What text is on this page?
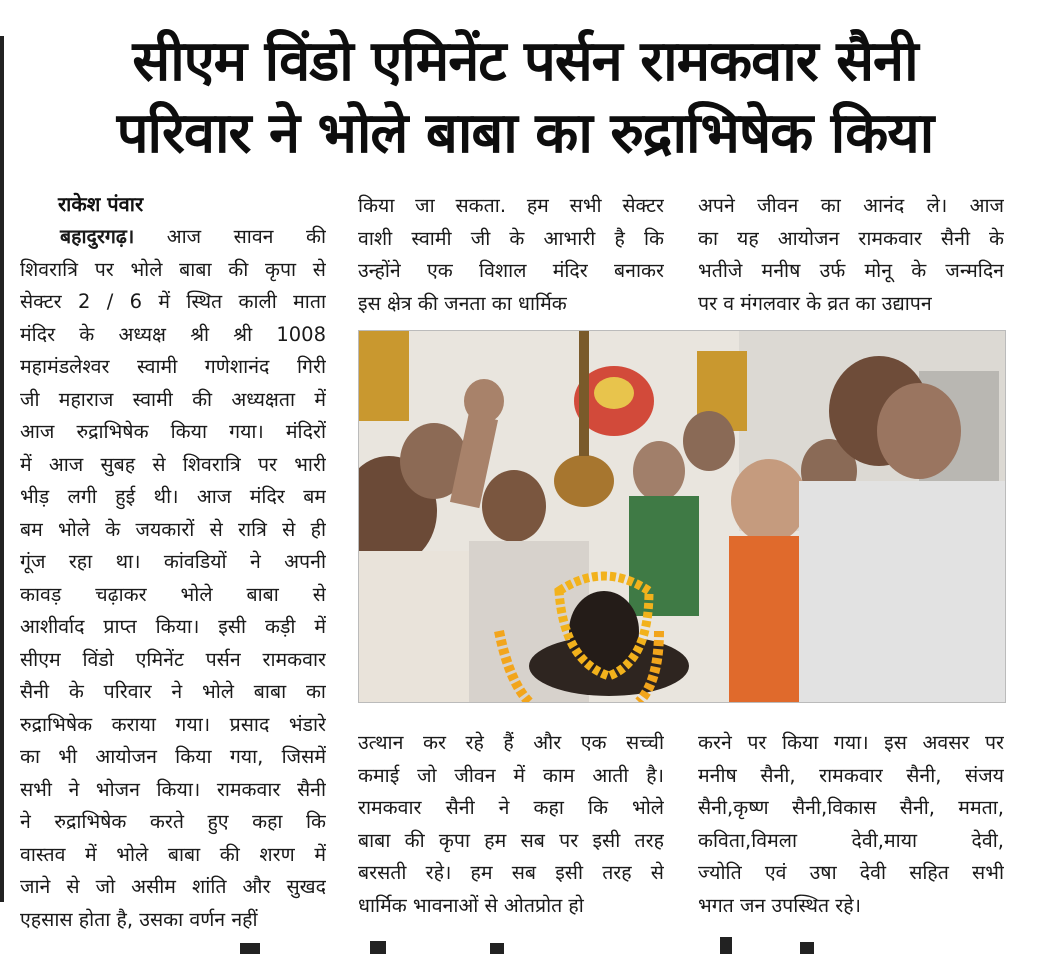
सीएम विंडो एमिनेंट पर्सन रामकवार सैनी
परिवार ने भोले बाबा का रुद्राभिषेक किया
राकेश पंवार
बहादुरगढ़। आज सावन की
शिवरात्रि पर भोले बाबा की कृपा से
सेक्टर 2 / 6 में स्थित काली माता
मंदिर के अध्यक्ष श्री श्री 1008
महामंडलेश्वर स्वामी गणेशानंद गिरी
जी महाराज स्वामी की अध्यक्षता में
आज रुद्राभिषेक किया गया। मंदिरों
में आज सुबह से शिवरात्रि पर भारी
भीड़ लगी हुई थी। आज मंदिर बम
बम भोले के जयकारों से रात्रि से ही
गूंज रहा था। कांवडियों ने अपनी
कावड़ चढ़ाकर भोले बाबा से
आशीर्वाद प्राप्त किया। इसी कड़ी में
सीएम विंडो एमिनेंट पर्सन रामकवार
सैनी के परिवार ने भोले बाबा का
रुद्राभिषेक कराया गया। प्रसाद भंडारे
का भी आयोजन किया गया, जिसमें
सभी ने भोजन किया। रामकवार सैनी
ने रुद्राभिषेक करते हुए कहा कि
वास्तव में भोले बाबा की शरण में
जाने से जो असीम शांति और सुखद
एहसास होता है, उसका वर्णन नहीं
किया जा सकता. हम सभी सेक्टर
वाशी स्वामी जी के आभारी है कि
उन्होंने एक विशाल मंदिर बनाकर
इस क्षेत्र की जनता का धार्मिक
अपने जीवन का आनंद ले। आज
का यह आयोजन रामकवार सैनी के
भतीजे मनीष उर्फ मोनू के जन्मदिन
पर व मंगलवार के व्रत का उद्यापन
उत्थान कर रहे हैं और एक सच्ची
कमाई जो जीवन में काम आती है।
रामकवार सैनी ने कहा कि भोले
बाबा की कृपा हम सब पर इसी तरह
बरसती रहे। हम सब इसी तरह से
धार्मिक भावनाओं से ओतप्रोत हो
करने पर किया गया। इस अवसर पर
मनीष सैनी, रामकवार सैनी, संजय
सैनी,कृष्ण सैनी,विकास सैनी, ममता,
कविता,विमला देवी,माया देवी,
ज्योति एवं उषा देवी सहित सभी
भगत जन उपस्थित रहे।
